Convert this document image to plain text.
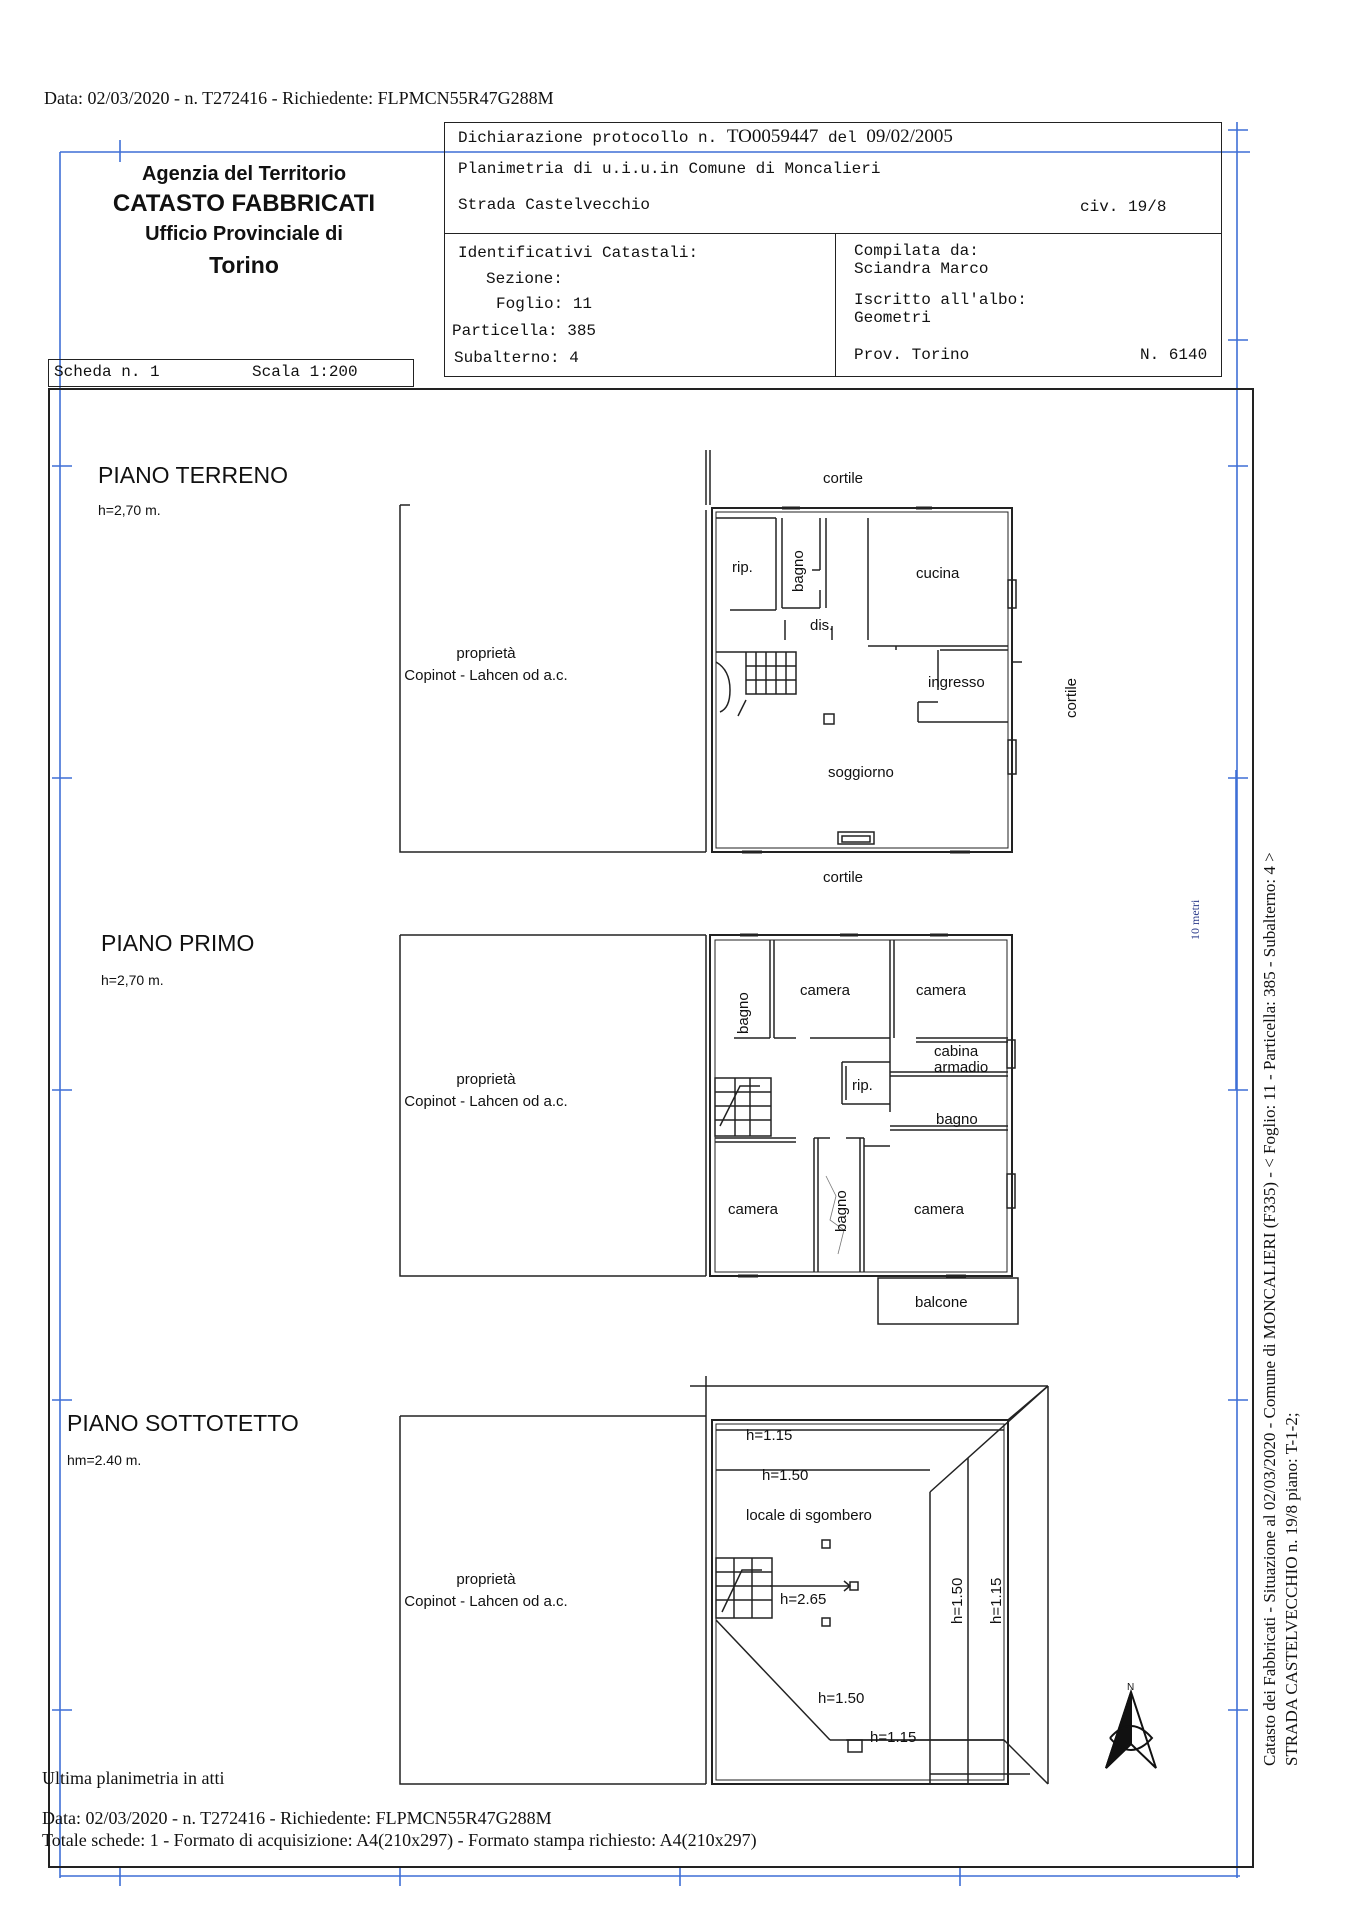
Data: 02/03/2020 - n. T272416 - Richiedente: FLPMCN55R47G288M
Agenzia del Territorio
CATASTO FABBRICATI
Ufficio Provinciale di
Torino
Dichiarazione protocollo n. TO0059447 del 09/02/2005
Planimetria di u.i.u.in Comune di Moncalieri
Strada Castelvecchio	civ. 19/8
Identificativi Catastali:
Sezione:
Foglio: 11
Particella: 385
Subalterno: 4
Compilata da:
Sciandra Marco
Iscritto all'albo:
Geometri
Prov. Torino	N. 6140
Scheda n. 1	Scala 1:200
PIANO TERRENO
h=2,70 m.
PIANO PRIMO
h=2,70 m.
PIANO SOTTOTETTO
hm=2.40 m.
cortile
cortile
cortile
proprietà
Copinot - Lahcen od a.c.
rip. bagno	cucina
dis.
ingresso
soggiorno
proprietà
Copinot - Lahcen od a.c.
bagno
camera	camera
cabina
armadio
rip.
bagno
camera	bagno	camera
balcone
proprietà
Copinot - Lahcen od a.c.
h=1.15
h=1.50
locale di sgombero
h=2.65	h=1.50 h=1.15
h=1.50
h=1.15
N
10 metri	Catasto dei Fabbricati - Situazione al 02/03/2020 - Comune di MONCALIERI (F335) - < Foglio: 11 - Particella: 385 - Subalterno: 4 > STRADA CASTELVECCHIO n. 19/8 piano: T-1-2;
Ultima planimetria in atti
Data: 02/03/2020 - n. T272416 - Richiedente: FLPMCN55R47G288M
Totale schede: 1 - Formato di acquisizione: A4(210x297) - Formato stampa richiesto: A4(210x297)
